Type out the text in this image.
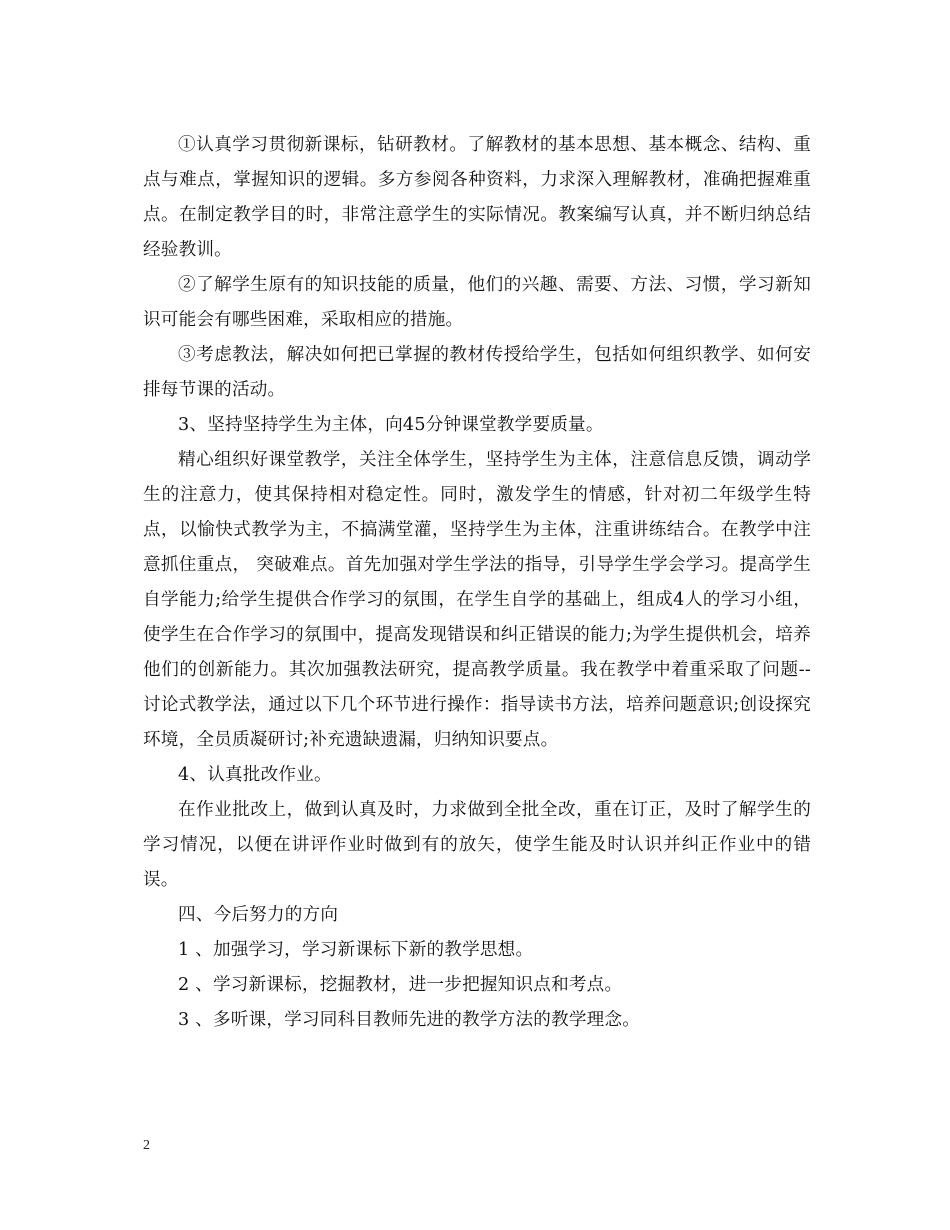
①认真学习贯彻新课标，钻研教材。了解教材的基本思想、基本概念、结构、重点与难点，掌握知识的逻辑。多方参阅各种资料，力求深入理解教材，准确把握难重点。在制定教学目的时，非常注意学生的实际情况。教案编写认真，并不断归纳总结经验教训。

②了解学生原有的知识技能的质量，他们的兴趣、需要、方法、习惯，学习新知识可能会有哪些困难，采取相应的措施。

③考虑教法，解决如何把已掌握的教材传授给学生，包括如何组织教学、如何安排每节课的活动。

3、坚持坚持学生为主体，向45分钟课堂教学要质量。

精心组织好课堂教学，关注全体学生，坚持学生为主体，注意信息反馈，调动学生的注意力，使其保持相对稳定性。同时，激发学生的情感，针对初二年级学生特点，以愉快式教学为主，不搞满堂灌，坚持学生为主体，注重讲练结合。在教学中注意抓住重点， 突破难点。首先加强对学生学法的指导，引导学生学会学习。提高学生自学能力;给学生提供合作学习的氛围，在学生自学的基础上，组成4人的学习小组，使学生在合作学习的氛围中，提高发现错误和纠正错误的能力;为学生提供机会，培养他们的创新能力。其次加强教法研究，提高教学质量。我在教学中着重采取了问题--讨论式教学法，通过以下几个环节进行操作：指导读书方法，培养问题意识;创设探究环境，全员质凝研讨;补充遗缺遗漏，归纳知识要点。

4、认真批改作业。

在作业批改上，做到认真及时，力求做到全批全改，重在订正，及时了解学生的学习情况，以便在讲评作业时做到有的放矢，使学生能及时认识并纠正作业中的错误。

四、今后努力的方向

1 、加强学习，学习新课标下新的教学思想。

2 、学习新课标，挖掘教材，进一步把握知识点和考点。

3 、多听课，学习同科目教师先进的教学方法的教学理念。

2
